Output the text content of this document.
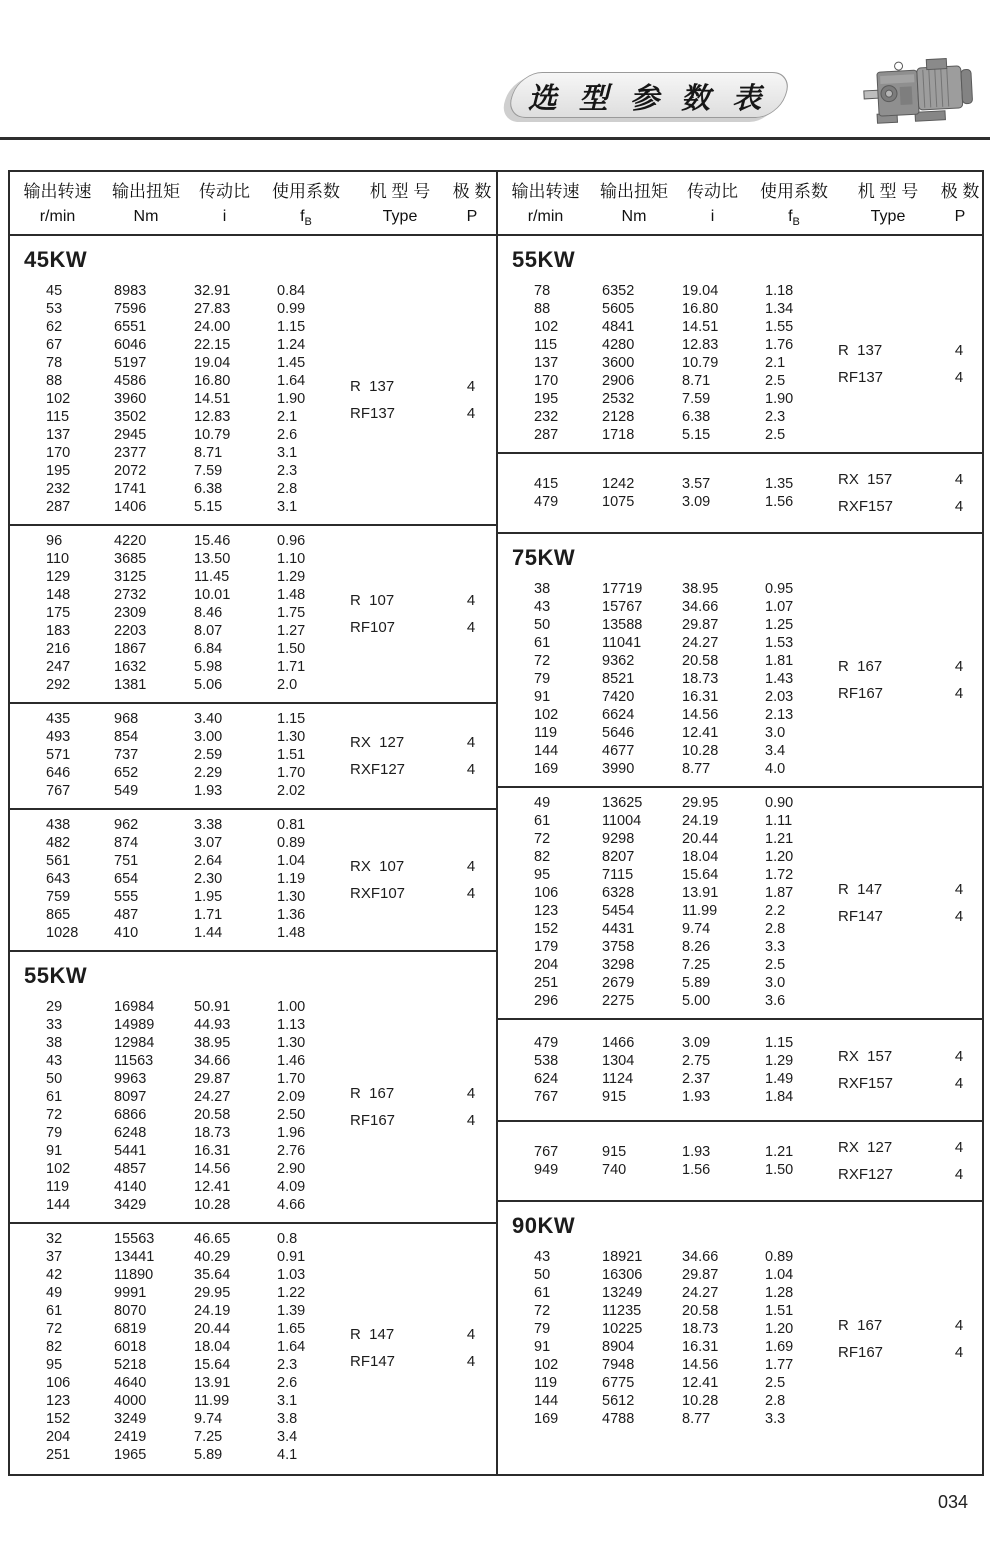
选 型 参 数 表
输出转速	输出扭矩	传动比	使用系数	机 型 号	极 数
r/min	Nm	i	$f_B$	Type	P
45KW
45	8983	32.91	0.84
53	7596	27.83	0.99
62	6551	24.00	1.15
67	6046	22.15	1.24
78	5197	19.04	1.45
88	4586	16.80	1.64
102	3960	14.51	1.90
115	3502	12.83	2.1
137	2945	10.79	2.6
170	2377	8.71	3.1
195	2072	7.59	2.3
232	1741	6.38	2.8
287	1406	5.15	3.1
R  137	4
RF137	4
96	4220	15.46	0.96
110	3685	13.50	1.10
129	3125	11.45	1.29
148	2732	10.01	1.48
175	2309	8.46	1.75
183	2203	8.07	1.27
216	1867	6.84	1.50
247	1632	5.98	1.71
292	1381	5.06	2.0
R  107	4
RF107	4
435	968	3.40	1.15
493	854	3.00	1.30
571	737	2.59	1.51
646	652	2.29	1.70
767	549	1.93	2.02
RX  127	4
RXF127	4
438	962	3.38	0.81
482	874	3.07	0.89
561	751	2.64	1.04
643	654	2.30	1.19
759	555	1.95	1.30
865	487	1.71	1.36
1028	410	1.44	1.48
RX  107	4
RXF107	4
55KW
29	16984	50.91	1.00
33	14989	44.93	1.13
38	12984	38.95	1.30
43	11563	34.66	1.46
50	9963	29.87	1.70
61	8097	24.27	2.09
72	6866	20.58	2.50
79	6248	18.73	1.96
91	5441	16.31	2.76
102	4857	14.56	2.90
119	4140	12.41	4.09
144	3429	10.28	4.66
R  167	4
RF167	4
32	15563	46.65	0.8
37	13441	40.29	0.91
42	11890	35.64	1.03
49	9991	29.95	1.22
61	8070	24.19	1.39
72	6819	20.44	1.65
82	6018	18.04	1.64
95	5218	15.64	2.3
106	4640	13.91	2.6
123	4000	11.99	3.1
152	3249	9.74	3.8
204	2419	7.25	3.4
251	1965	5.89	4.1
R  147	4
RF147	4
输出转速	输出扭矩	传动比	使用系数	机 型 号	极 数
r/min	Nm	i	$f_B$	Type	P
55KW
78	6352	19.04	1.18
88	5605	16.80	1.34
102	4841	14.51	1.55
115	4280	12.83	1.76
137	3600	10.79	2.1
170	2906	8.71	2.5
195	2532	7.59	1.90
232	2128	6.38	2.3
287	1718	5.15	2.5
R  137	4
RF137	4
415	1242	3.57	1.35
479	1075	3.09	1.56
RX  157	4
RXF157	4
75KW
38	17719	38.95	0.95
43	15767	34.66	1.07
50	13588	29.87	1.25
61	11041	24.27	1.53
72	9362	20.58	1.81
79	8521	18.73	1.43
91	7420	16.31	2.03
102	6624	14.56	2.13
119	5646	12.41	3.0
144	4677	10.28	3.4
169	3990	8.77	4.0
R  167	4
RF167	4
49	13625	29.95	0.90
61	11004	24.19	1.11
72	9298	20.44	1.21
82	8207	18.04	1.20
95	7115	15.64	1.72
106	6328	13.91	1.87
123	5454	11.99	2.2
152	4431	9.74	2.8
179	3758	8.26	3.3
204	3298	7.25	2.5
251	2679	5.89	3.0
296	2275	5.00	3.6
R  147	4
RF147	4
479	1466	3.09	1.15
538	1304	2.75	1.29
624	1124	2.37	1.49
767	915	1.93	1.84
RX  157	4
RXF157	4
767	915	1.93	1.21
949	740	1.56	1.50
RX  127	4
RXF127	4
90KW
43	18921	34.66	0.89
50	16306	29.87	1.04
61	13249	24.27	1.28
72	11235	20.58	1.51
79	10225	18.73	1.20
91	8904	16.31	1.69
102	7948	14.56	1.77
119	6775	12.41	2.5
144	5612	10.28	2.8
169	4788	8.77	3.3
R  167	4
RF167	4
034
